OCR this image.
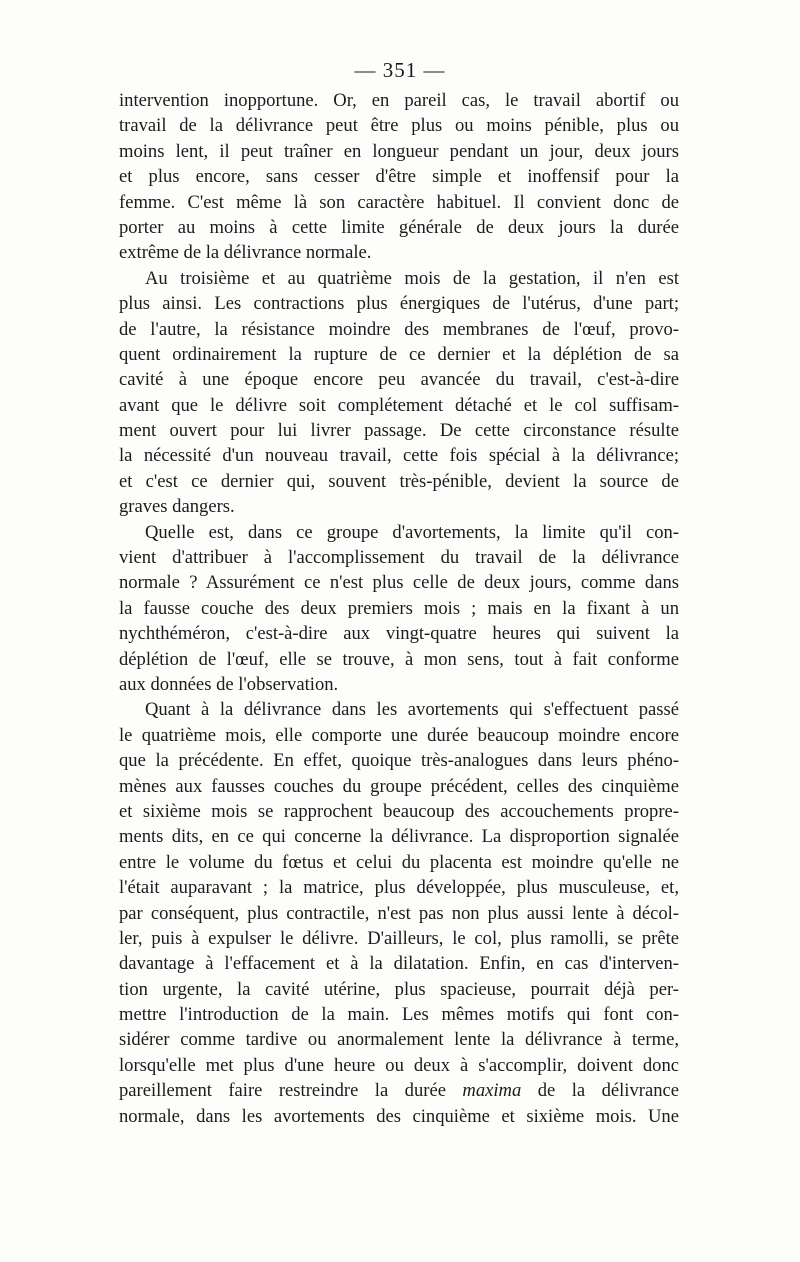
— 351 —
intervention inopportune. Or, en pareil cas, le travail abortif ou
travail de la délivrance peut être plus ou moins pénible, plus ou
moins lent, il peut traîner en longueur pendant un jour, deux jours
et plus encore, sans cesser d'être simple et inoffensif pour la
femme. C'est même là son caractère habituel. Il convient donc de
porter au moins à cette limite générale de deux jours la durée
extrême de la délivrance normale.
Au troisième et au quatrième mois de la gestation, il n'en est
plus ainsi. Les contractions plus énergiques de l'utérus, d'une part;
de l'autre, la résistance moindre des membranes de l'œuf, provo-
quent ordinairement la rupture de ce dernier et la déplétion de sa
cavité à une époque encore peu avancée du travail, c'est-à-dire
avant que le délivre soit complétement détaché et le col suffisam-
ment ouvert pour lui livrer passage. De cette circonstance résulte
la nécessité d'un nouveau travail, cette fois spécial à la délivrance;
et c'est ce dernier qui, souvent très-pénible, devient la source de
graves dangers.
Quelle est, dans ce groupe d'avortements, la limite qu'il con-
vient d'attribuer à l'accomplissement du travail de la délivrance
normale ? Assurément ce n'est plus celle de deux jours, comme dans
la fausse couche des deux premiers mois ; mais en la fixant à un
nychthéméron, c'est-à-dire aux vingt-quatre heures qui suivent la
déplétion de l'œuf, elle se trouve, à mon sens, tout à fait conforme
aux données de l'observation.
Quant à la délivrance dans les avortements qui s'effectuent passé
le quatrième mois, elle comporte une durée beaucoup moindre encore
que la précédente. En effet, quoique très-analogues dans leurs phéno-
mènes aux fausses couches du groupe précédent, celles des cinquième
et sixième mois se rapprochent beaucoup des accouchements propre-
ments dits, en ce qui concerne la délivrance. La disproportion signalée
entre le volume du fœtus et celui du placenta est moindre qu'elle ne
l'était auparavant ; la matrice, plus développée, plus musculeuse, et,
par conséquent, plus contractile, n'est pas non plus aussi lente à décol-
ler, puis à expulser le délivre. D'ailleurs, le col, plus ramolli, se prête
davantage à l'effacement et à la dilatation. Enfin, en cas d'interven-
tion urgente, la cavité utérine, plus spacieuse, pourrait déjà per-
mettre l'introduction de la main. Les mêmes motifs qui font con-
sidérer comme tardive ou anormalement lente la délivrance à terme,
lorsqu'elle met plus d'une heure ou deux à s'accomplir, doivent donc
pareillement faire restreindre la durée maxima de la délivrance
normale, dans les avortements des cinquième et sixième mois. Une
